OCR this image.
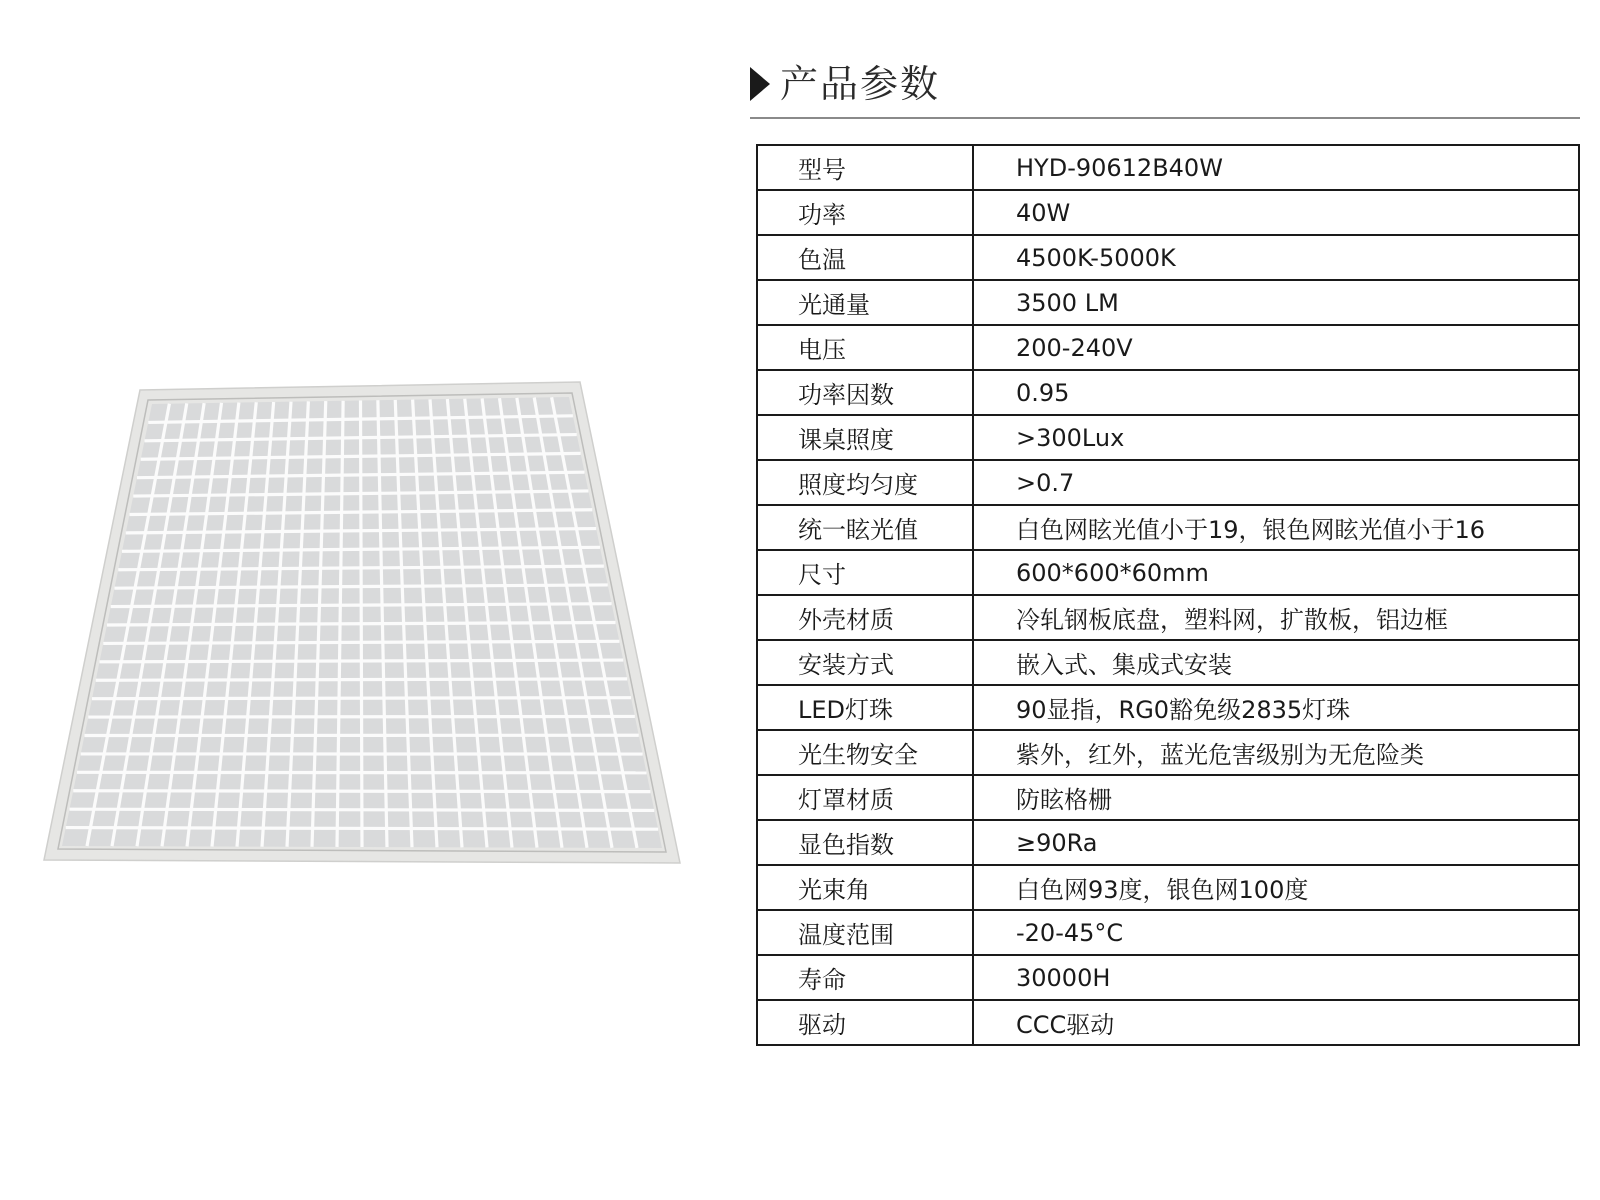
产品参数
型号	HYD-90612B40W
功率	40W
色温	4500K-5000K
光通量	3500 LM
电压	200-240V
功率因数	0.95
课桌照度	>300Lux
照度均匀度	>0.7
统一眩光值	白色网眩光值小于19，银色网眩光值小于16
尺寸	600*600*60mm
外壳材质	冷轧钢板底盘，塑料网，扩散板，铝边框
安装方式	嵌入式、集成式安装
LED灯珠	90显指，RG0豁免级2835灯珠
光生物安全	紫外，红外，蓝光危害级别为无危险类
灯罩材质	防眩格栅
显色指数	≥90Ra
光束角	白色网93度，银色网100度
温度范围	-20-45°C
寿命	30000H
驱动	CCC驱动
